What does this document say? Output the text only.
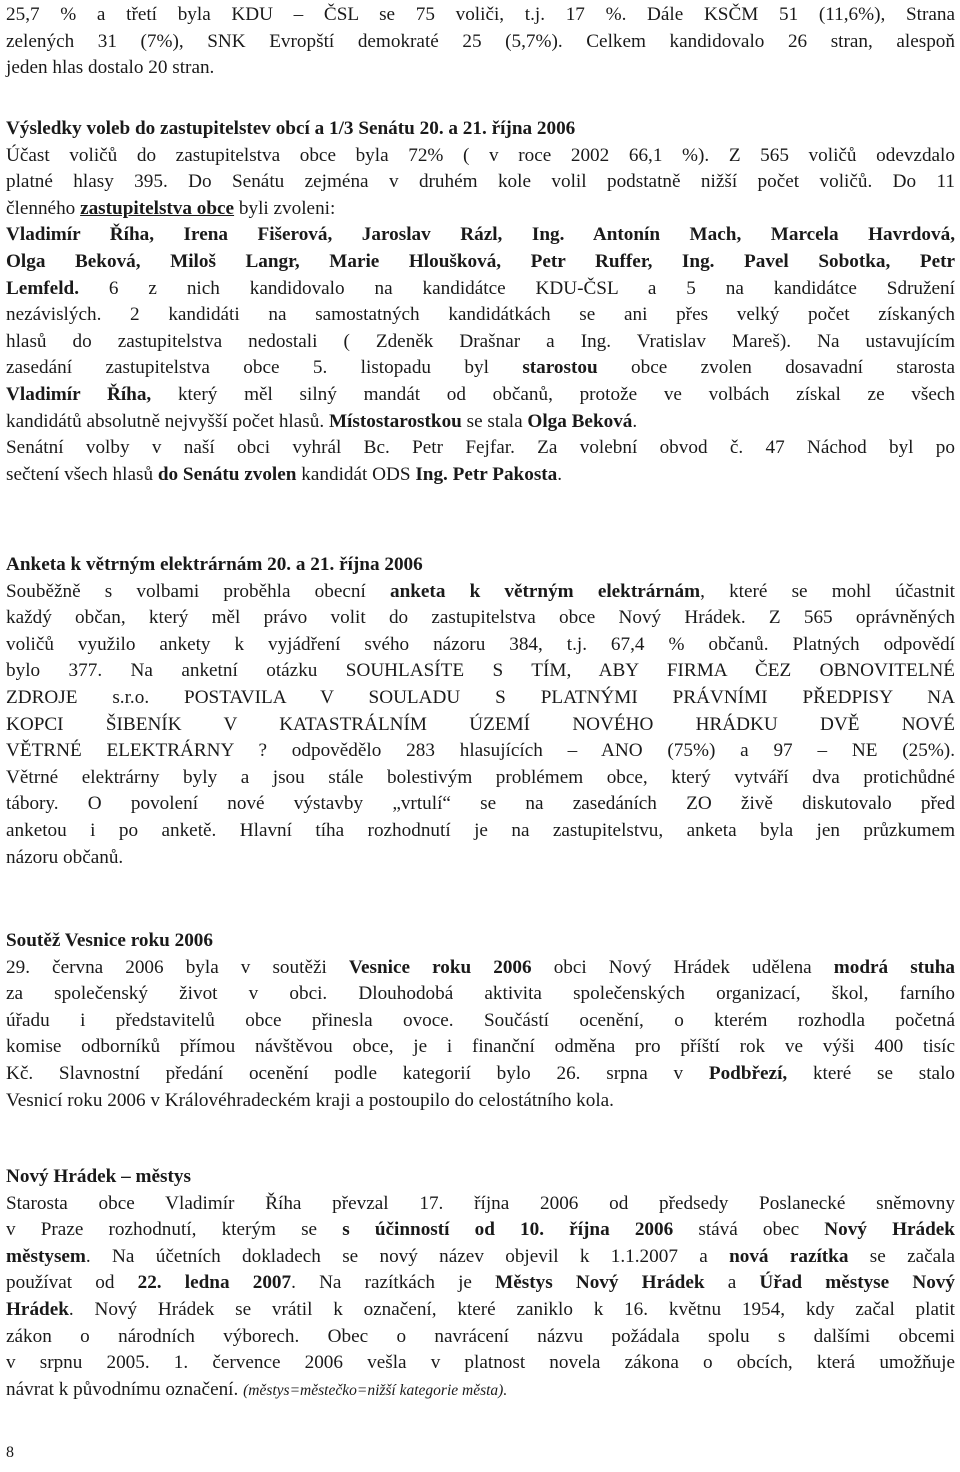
25,7 % a třetí byla KDU – ČSL se 75 voliči, t.j. 17 %. Dále KSČM 51 (11,6%), Strana
zelených 31 (7%), SNK Evropští demokraté 25 (5,7%). Celkem kandidovalo 26 stran, alespoň
jeden hlas dostalo 20 stran.
Výsledky voleb do zastupitelstev obcí a 1/3 Senátu 20. a 21. října 2006
Účast voličů do zastupitelstva obce byla 72% ( v roce 2002 66,1 %). Z 565 voličů odevzdalo
platné hlasy 395. Do Senátu zejména v druhém kole volil podstatně nižší počet voličů. Do 11
členného zastupitelstva obce byli zvoleni:
Vladimír Říha, Irena Fišerová, Jaroslav Rázl, Ing. Antonín Mach, Marcela Havrdová,
Olga Beková, Miloš Langr, Marie Hloušková, Petr Ruffer, Ing. Pavel Sobotka, Petr
Lemfeld. 6 z nich kandidovalo na kandidátce KDU-ČSL a 5 na kandidátce Sdružení
nezávislých. 2 kandidáti na samostatných kandidátkách se ani přes velký počet získaných
hlasů do zastupitelstva nedostali ( Zdeněk Drašnar a Ing. Vratislav Mareš). Na ustavujícím
zasedání zastupitelstva obce 5. listopadu byl starostou obce zvolen dosavadní starosta
Vladimír Říha, který měl silný mandát od občanů, protože ve volbách získal ze všech
kandidátů absolutně nejvyšší počet hlasů. Místostarostkou se stala Olga Beková.
Senátní volby v naší obci vyhrál Bc. Petr Fejfar. Za volební obvod č. 47 Náchod byl po
sečtení všech hlasů do Senátu zvolen kandidát ODS Ing. Petr Pakosta.
Anketa k větrným elektrárnám 20. a 21. října 2006
Souběžně s volbami proběhla obecní anketa k větrným elektrárnám, které se mohl účastnit
každý občan, který měl právo volit do zastupitelstva obce Nový Hrádek. Z 565 oprávněných
voličů využilo ankety k vyjádření svého názoru 384, t.j. 67,4 % občanů. Platných odpovědí
bylo 377. Na anketní otázku SOUHLASÍTE S TÍM, ABY FIRMA ČEZ OBNOVITELNÉ
ZDROJE s.r.o. POSTAVILA V SOULADU S PLATNÝMI PRÁVNÍMI PŘEDPISY NA
KOPCI ŠIBENÍK V KATASTRÁLNÍM ÚZEMÍ NOVÉHO HRÁDKU DVĚ NOVÉ
VĚTRNÉ ELEKTRÁRNY ? odpovědělo 283 hlasujících – ANO (75%) a 97 – NE (25%).
Větrné elektrárny byly a jsou stále bolestivým problémem obce, který vytváří dva protichůdné
tábory. O povolení nové výstavby „vrtulí“ se na zasedáních ZO živě diskutovalo před
anketou i po anketě. Hlavní tíha rozhodnutí je na zastupitelstvu, anketa byla jen průzkumem
názoru občanů.
Soutěž Vesnice roku 2006
29. června 2006 byla v soutěži Vesnice roku 2006 obci Nový Hrádek udělena modrá stuha
za společenský život v obci. Dlouhodobá aktivita společenských organizací, škol, farního
úřadu i představitelů obce přinesla ovoce. Součástí ocenění, o kterém rozhodla početná
komise odborníků přímou návštěvou obce, je i finanční odměna pro příští rok ve výši 400 tisíc
Kč. Slavnostní předání ocenění podle kategorií bylo 26. srpna v Podbřezí, které se stalo
Vesnicí roku 2006 v Královéhradeckém kraji a postoupilo do celostátního kola.
Nový Hrádek – městys
Starosta obce Vladimír Říha převzal 17. října 2006 od předsedy Poslanecké sněmovny
v Praze rozhodnutí, kterým se s účinností od 10. října 2006 stává obec Nový Hrádek
městysem. Na účetních dokladech se nový název objevil k 1.1.2007 a nová razítka se začala
používat od 22. ledna 2007. Na razítkách je Městys Nový Hrádek a Úřad městyse Nový
Hrádek. Nový Hrádek se vrátil k označení, které zaniklo k 16. květnu 1954, kdy začal platit
zákon o národních výborech. Obec o navrácení názvu požádala spolu s dalšími obcemi
v srpnu 2005. 1. července 2006 vešla v platnost novela zákona o obcích, která umožňuje
návrat k původnímu označení. (městys=městečko=nižší kategorie města).
8
